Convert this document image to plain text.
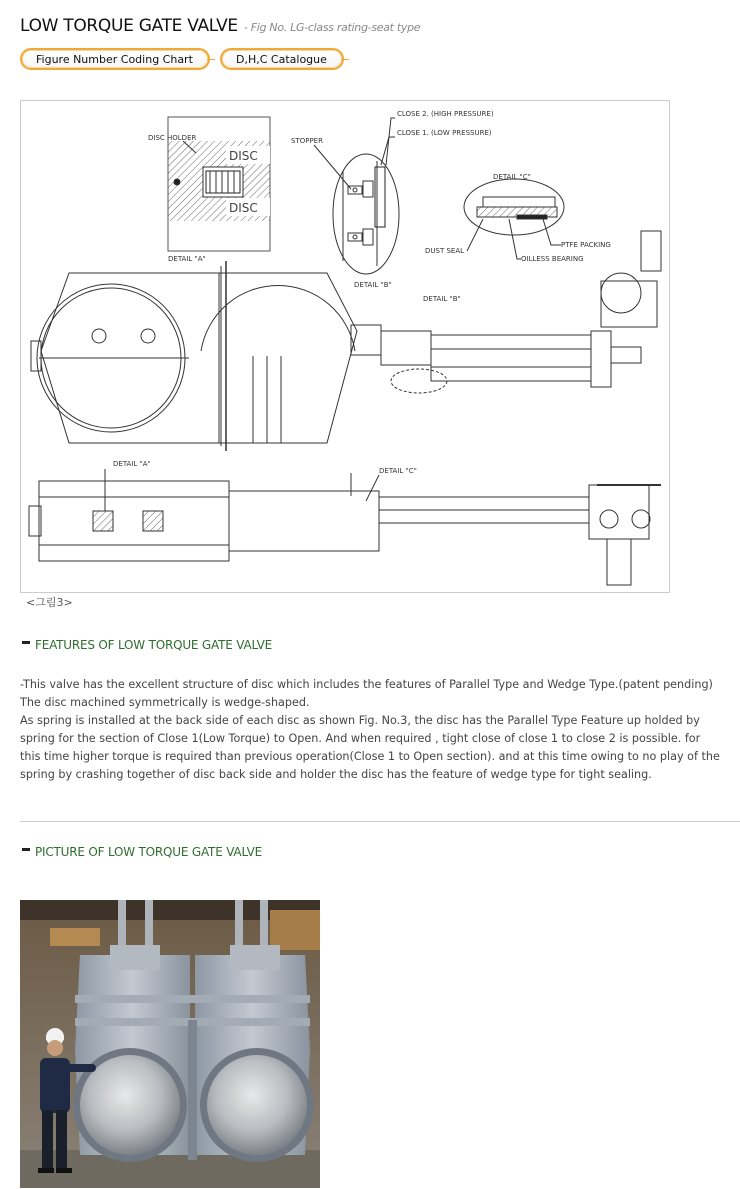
LOW TORQUE GATE VALVE - Fig No. LG-class rating-seat type
Figure Number Coding Chart	D,H,C Catalogue
DISC
DISC
DISC HOLDER
DETAIL "A"
STOPPER
CLOSE 2. (HIGH PRESSURE)
CLOSE 1. (LOW PRESSURE)
DETAIL "B"
DETAIL "C"
DUST SEAL
PTFE PACKING
OILLESS BEARING
DETAIL "B"
DETAIL "A"
DETAIL "C"
<그림3>
FEATURES OF LOW TORQUE GATE VALVE

-This valve has the excellent structure of disc which includes the features of Parallel Type and Wedge Type.(patent pending)

The disc machined symmetrically is wedge-shaped.

As spring is installed at the back side of each disc as shown Fig. No.3, the disc has the Parallel Type Feature up holded by

spring for the section of Close 1(Low Torque) to Open. And when required , tight close of close 1 to close 2 is possible. for

this time higher torque is required than previous operation(Close 1 to Open section). and at this time owing to no play of the

spring by crashing together of disc back side and holder the disc has the feature of wedge type for tight sealing.

PICTURE OF LOW TORQUE GATE VALVE
